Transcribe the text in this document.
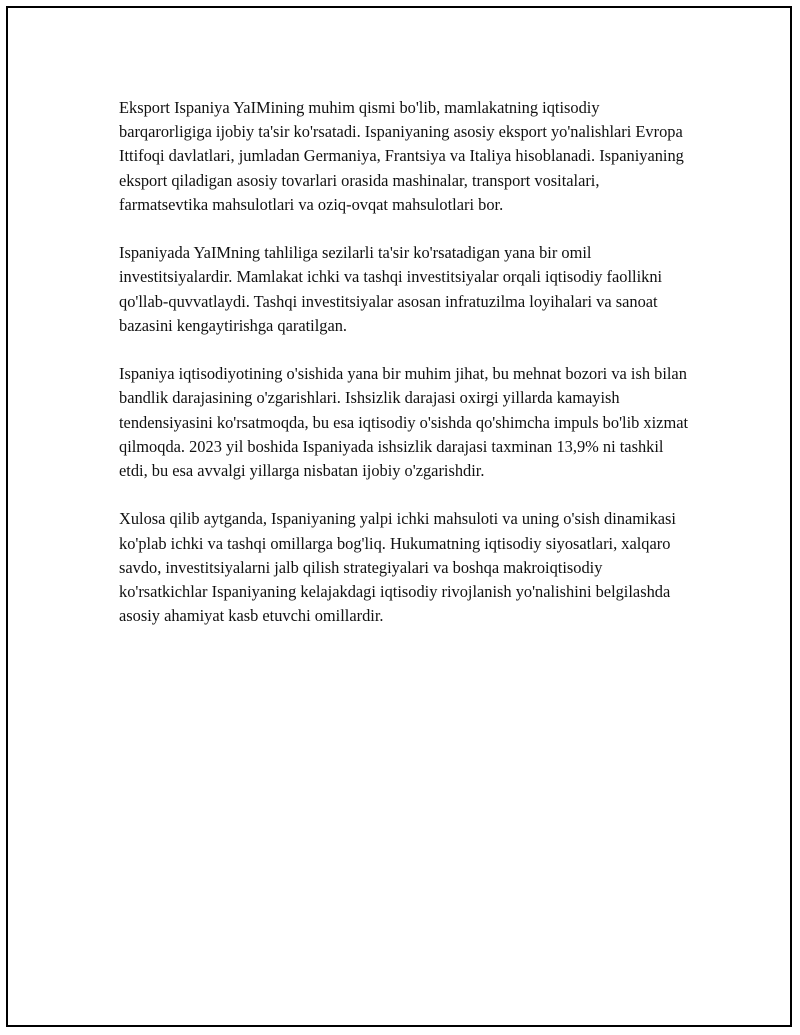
Eksport Ispaniya YaIMining muhim qismi bo'lib, mamlakatning iqtisodiy barqarorligiga ijobiy ta'sir ko'rsatadi. Ispaniyaning asosiy eksport yo'nalishlari Evropa Ittifoqi davlatlari, jumladan Germaniya, Frantsiya va Italiya hisoblanadi. Ispaniyaning eksport qiladigan asosiy tovarlari orasida mashinalar, transport vositalari, farmatsevtika mahsulotlari va oziq-ovqat mahsulotlari bor.

Ispaniyada YaIMning tahliliga sezilarli ta'sir ko'rsatadigan yana bir omil investitsiyalardir. Mamlakat ichki va tashqi investitsiyalar orqali iqtisodiy faollikni qo'llab-quvvatlaydi. Tashqi investitsiyalar asosan infratuzilma loyihalari va sanoat bazasini kengaytirishga qaratilgan.

Ispaniya iqtisodiyotining o'sishida yana bir muhim jihat, bu mehnat bozori va ish bilan bandlik darajasining o'zgarishlari. Ishsizlik darajasi oxirgi yillarda kamayish tendensiyasini ko'rsatmoqda, bu esa iqtisodiy o'sishda qo'shimcha impuls bo'lib xizmat qilmoqda. 2023 yil boshida Ispaniyada ishsizlik darajasi taxminan 13,9% ni tashkil etdi, bu esa avvalgi yillarga nisbatan ijobiy o'zgarishdir.

Xulosa qilib aytganda, Ispaniyaning yalpi ichki mahsuloti va uning o'sish dinamikasi ko'plab ichki va tashqi omillarga bog'liq. Hukumatning iqtisodiy siyosatlari, xalqaro savdo, investitsiyalarni jalb qilish strategiyalari va boshqa makroiqtisodiy ko'rsatkichlar Ispaniyaning kelajakdagi iqtisodiy rivojlanish yo'nalishini belgilashda asosiy ahamiyat kasb etuvchi omillardir.
